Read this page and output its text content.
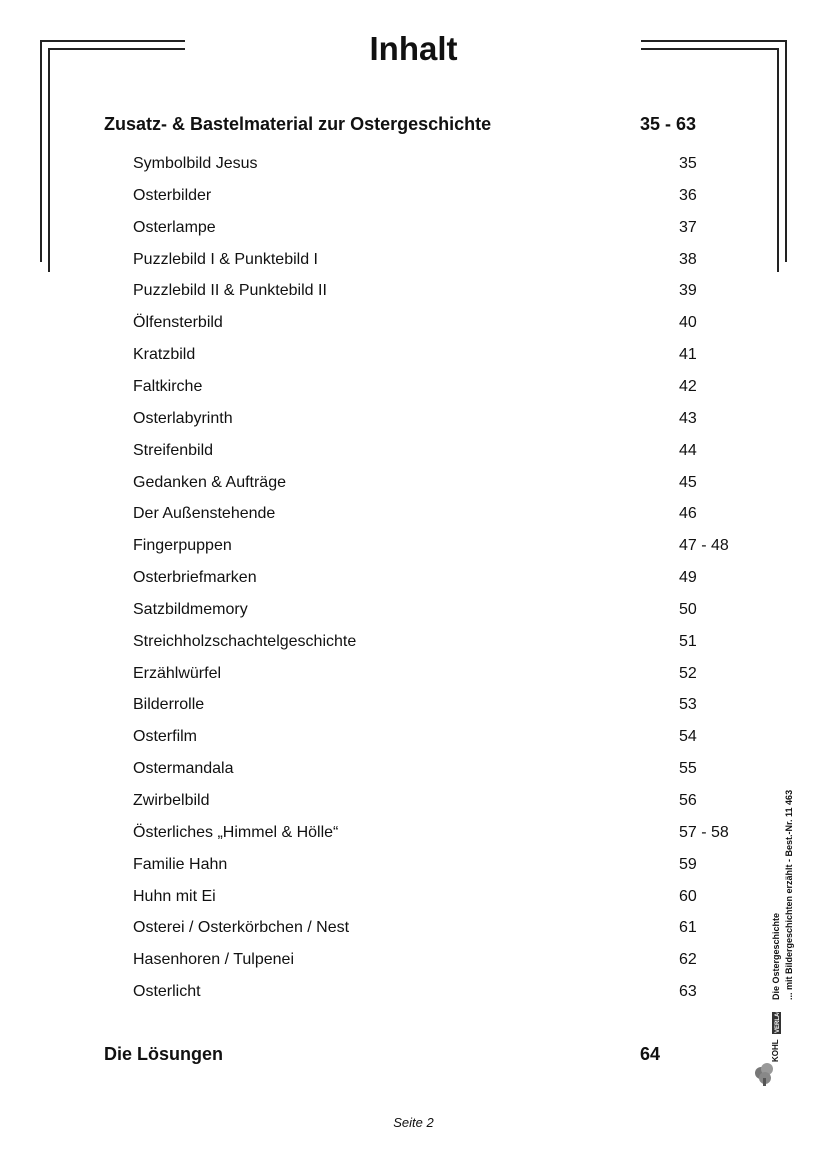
Inhalt
Zusatz- & Bastelmaterial zur Ostergeschichte	35 - 63
Symbolbild Jesus	35
Osterbilder	36
Osterlampe	37
Puzzlebild I & Punktebild I	38
Puzzlebild II & Punktebild II	39
Ölfensterbild	40
Kratzbild	41
Faltkirche	42
Osterlabyrinth	43
Streifenbild	44
Gedanken & Aufträge	45
Der Außenstehende	46
Fingerpuppen	47 - 48
Osterbriefmarken	49
Satzbildmemory	50
Streichholzschachtelgeschichte	51
Erzählwürfel	52
Bilderrolle	53
Osterfilm	54
Ostermandala	55
Zwirbelbild	56
Österliches „Himmel & Hölle“	57 - 58
Familie Hahn	59
Huhn mit Ei	60
Osterei / Osterkörbchen / Nest	61
Hasenhoren / Tulpenei	62
Osterlicht	63
Die Lösungen	64
Die Ostergeschichte ... mit Bildergeschichten erzählt - Best.-Nr. 11 463
KOHL
VERLAG
Seite 2
